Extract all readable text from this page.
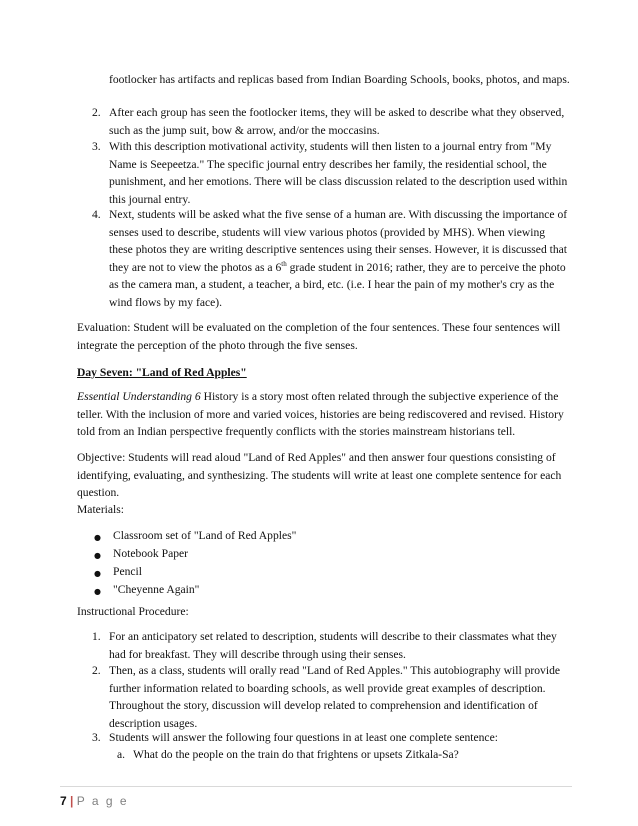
footlocker has artifacts and replicas based from Indian Boarding Schools, books, photos, and maps.

2. After each group has seen the footlocker items, they will be asked to describe what they observed, such as the jump suit, bow & arrow, and/or the moccasins.

3. With this description motivational activity, students will then listen to a journal entry from "My Name is Seepeetza." The specific journal entry describes her family, the residential school, the punishment, and her emotions. There will be class discussion related to the description used within this journal entry.

4. Next, students will be asked what the five sense of a human are. With discussing the importance of senses used to describe, students will view various photos (provided by MHS). When viewing these photos they are writing descriptive sentences using their senses. However, it is discussed that they are not to view the photos as a 6th grade student in 2016; rather, they are to perceive the photo as the camera man, a student, a teacher, a bird, etc. (i.e. I hear the pain of my mother's cry as the wind flows by my face).

Evaluation: Student will be evaluated on the completion of the four sentences. These four sentences will integrate the perception of the photo through the five senses.

Day Seven: "Land of Red Apples"

Essential Understanding 6 History is a story most often related through the subjective experience of the teller. With the inclusion of more and varied voices, histories are being rediscovered and revised. History told from an Indian perspective frequently conflicts with the stories mainstream historians tell.

Objective: Students will read aloud "Land of Red Apples" and then answer four questions consisting of identifying, evaluating, and synthesizing. The students will write at least one complete sentence for each question.

Materials:

● Classroom set of "Land of Red Apples"

● Notebook Paper

● Pencil

● "Cheyenne Again"

Instructional Procedure:

1. For an anticipatory set related to description, students will describe to their classmates what they had for breakfast. They will describe through using their senses.

2. Then, as a class, students will orally read "Land of Red Apples." This autobiography will provide further information related to boarding schools, as well provide great examples of description. Throughout the story, discussion will develop related to comprehension and identification of description usages.

3. Students will answer the following four questions in at least one complete sentence:

a. What do the people on the train do that frightens or upsets Zitkala-Sa?

7 | P a g e
